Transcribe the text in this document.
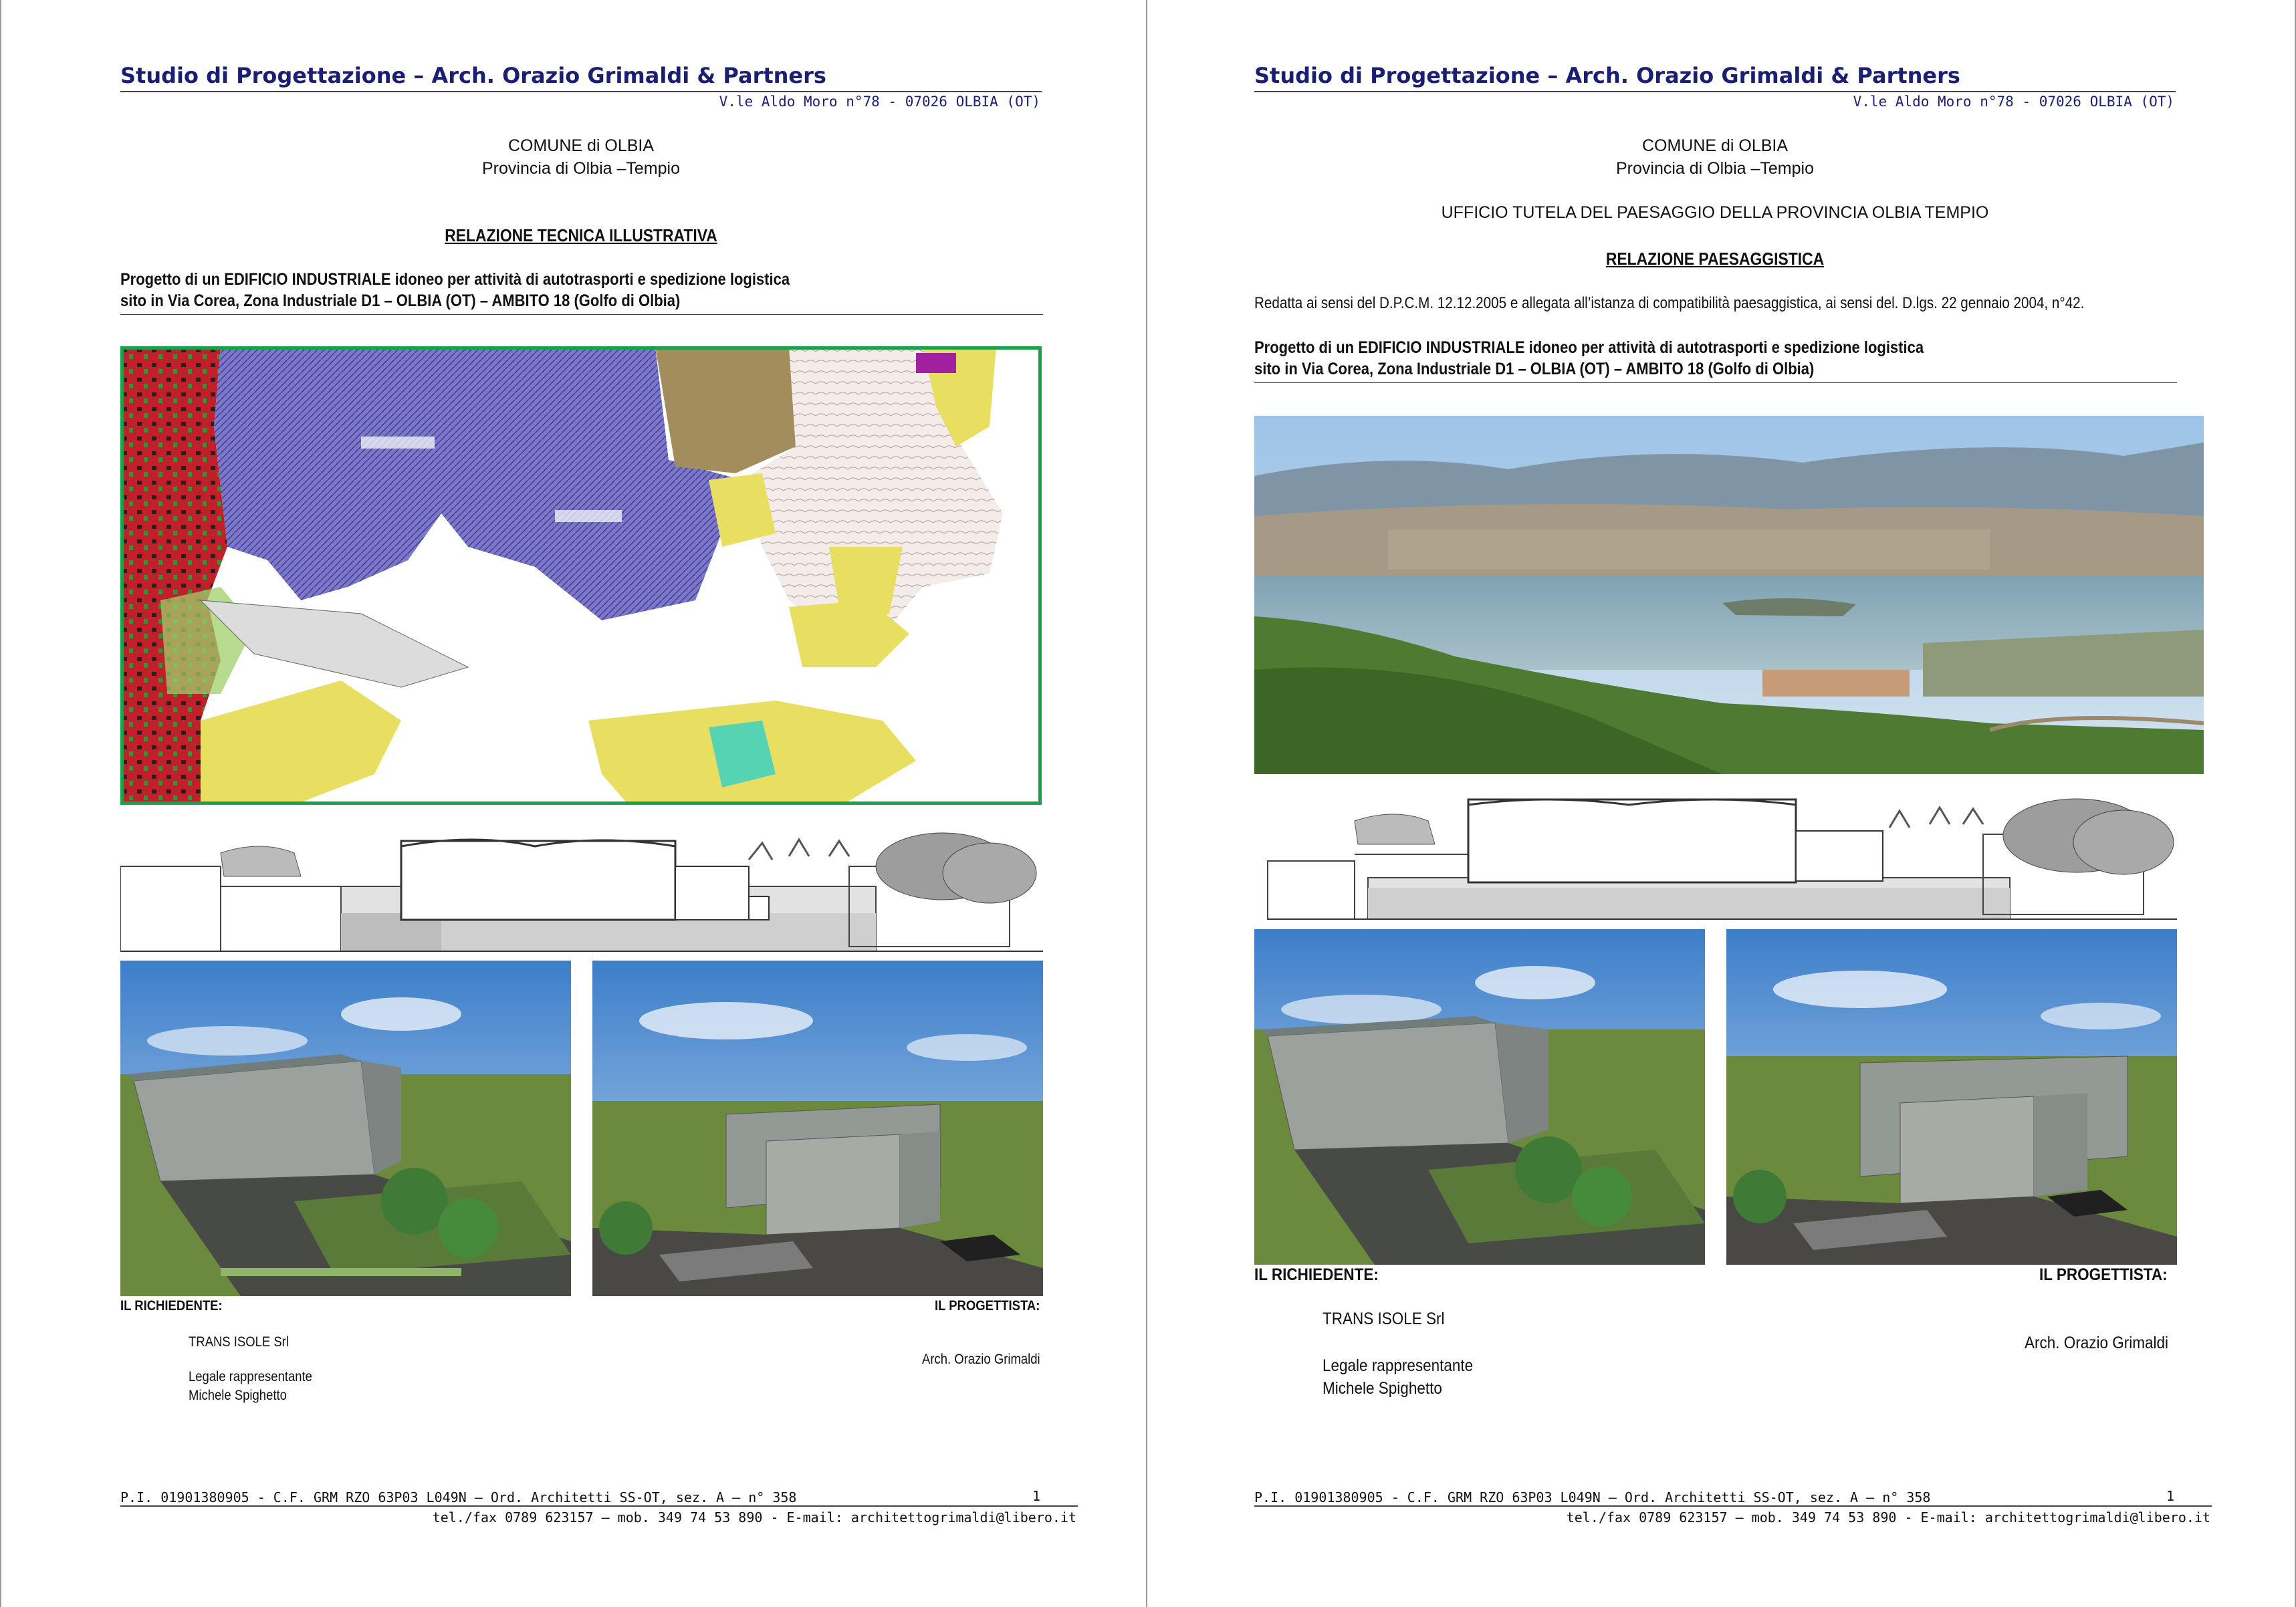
Studio di Progettazione – Arch. Orazio Grimaldi & Partners
V.le Aldo Moro n°78 - 07026 OLBIA (OT)
COMUNE di OLBIA
Provincia di Olbia –Tempio
RELAZIONE TECNICA ILLUSTRATIVA
Progetto di un EDIFICIO INDUSTRIALE idoneo per attività di autotrasporti e spedizione logistica
sito in Via Corea, Zona Industriale D1 – OLBIA (OT) – AMBITO 18 (Golfo di Olbia)
IL RICHIEDENTE:	IL PROGETTISTA:
TRANS ISOLE Srl
Arch. Orazio Grimaldi
Legale rappresentante
Michele Spighetto
P.I. 01901380905 - C.F. GRM RZO 63P03 L049N – Ord. Architetti SS-OT, sez. A – n° 358	1
tel./fax 0789 623157 – mob. 349 74 53 890 - E-mail: architettogrimaldi@libero.it
Studio di Progettazione – Arch. Orazio Grimaldi & Partners
V.le Aldo Moro n°78 - 07026 OLBIA (OT)
COMUNE di OLBIA
Provincia di Olbia –Tempio
UFFICIO TUTELA DEL PAESAGGIO DELLA PROVINCIA OLBIA TEMPIO
RELAZIONE PAESAGGISTICA
Redatta ai sensi del D.P.C.M. 12.12.2005 e allegata all’istanza di compatibilità paesaggistica, ai sensi del. D.lgs. 22 gennaio 2004, n°42.
Progetto di un EDIFICIO INDUSTRIALE idoneo per attività di autotrasporti e spedizione logistica
sito in Via Corea, Zona Industriale D1 – OLBIA (OT) – AMBITO 18 (Golfo di Olbia)
IL RICHIEDENTE:	IL PROGETTISTA:
TRANS ISOLE Srl
Arch. Orazio Grimaldi
Legale rappresentante
Michele Spighetto
P.I. 01901380905 - C.F. GRM RZO 63P03 L049N – Ord. Architetti SS-OT, sez. A – n° 358	1
tel./fax 0789 623157 – mob. 349 74 53 890 - E-mail: architettogrimaldi@libero.it
